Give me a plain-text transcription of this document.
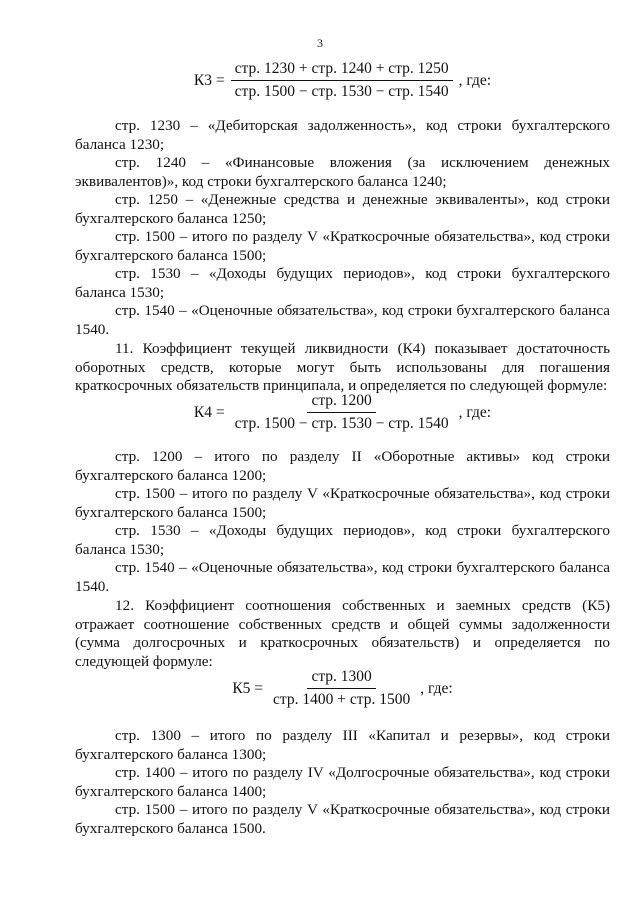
3
$К3 = \frac{\text{стр. 1230 + стр. 1240 + стр. 1250}}{\text{стр. 1500 − стр. 1530 − стр. 1540}}$ , где:
стр. 1230 – «Дебиторская задолженность», код строки бухгалтерского баланса 1230;
стр. 1240 – «Финансовые вложения (за исключением денежных эквивалентов)», код строки бухгалтерского баланса 1240;
стр. 1250 – «Денежные средства и денежные эквиваленты», код строки бухгалтерского баланса 1250;
стр. 1500 – итого по разделу V «Краткосрочные обязательства», код строки бухгалтерского баланса 1500;
стр. 1530 – «Доходы будущих периодов», код строки бухгалтерского баланса 1530;
стр. 1540 – «Оценочные обязательства», код строки бухгалтерского баланса 1540.
11. Коэффициент текущей ликвидности (К4) показывает достаточность оборотных средств, которые могут быть использованы для погашения краткосрочных обязательств принципала, и определяется по следующей формуле:
$К4 = \frac{\text{стр. 1200}}{\text{стр. 1500 − стр. 1530 − стр. 1540}}$ , где:
стр. 1200 – итого по разделу II «Оборотные активы» код строки бухгалтерского баланса 1200;
стр. 1500 – итого по разделу V «Краткосрочные обязательства», код строки бухгалтерского баланса 1500;
стр. 1530 – «Доходы будущих периодов», код строки бухгалтерского баланса 1530;
стр. 1540 – «Оценочные обязательства», код строки бухгалтерского баланса 1540.
12. Коэффициент соотношения собственных и заемных средств (К5) отражает соотношение собственных средств и общей суммы задолженности (сумма долгосрочных и краткосрочных обязательств) и определяется по следующей формуле:
$К5 = \frac{\text{стр. 1300}}{\text{стр. 1400 + стр. 1500}}$ , где:
стр. 1300 – итого по разделу III «Капитал и резервы», код строки бухгалтерского баланса 1300;
стр. 1400 – итого по разделу IV «Долгосрочные обязательства», код строки бухгалтерского баланса 1400;
стр. 1500 – итого по разделу V «Краткосрочные обязательства», код строки бухгалтерского баланса 1500.
